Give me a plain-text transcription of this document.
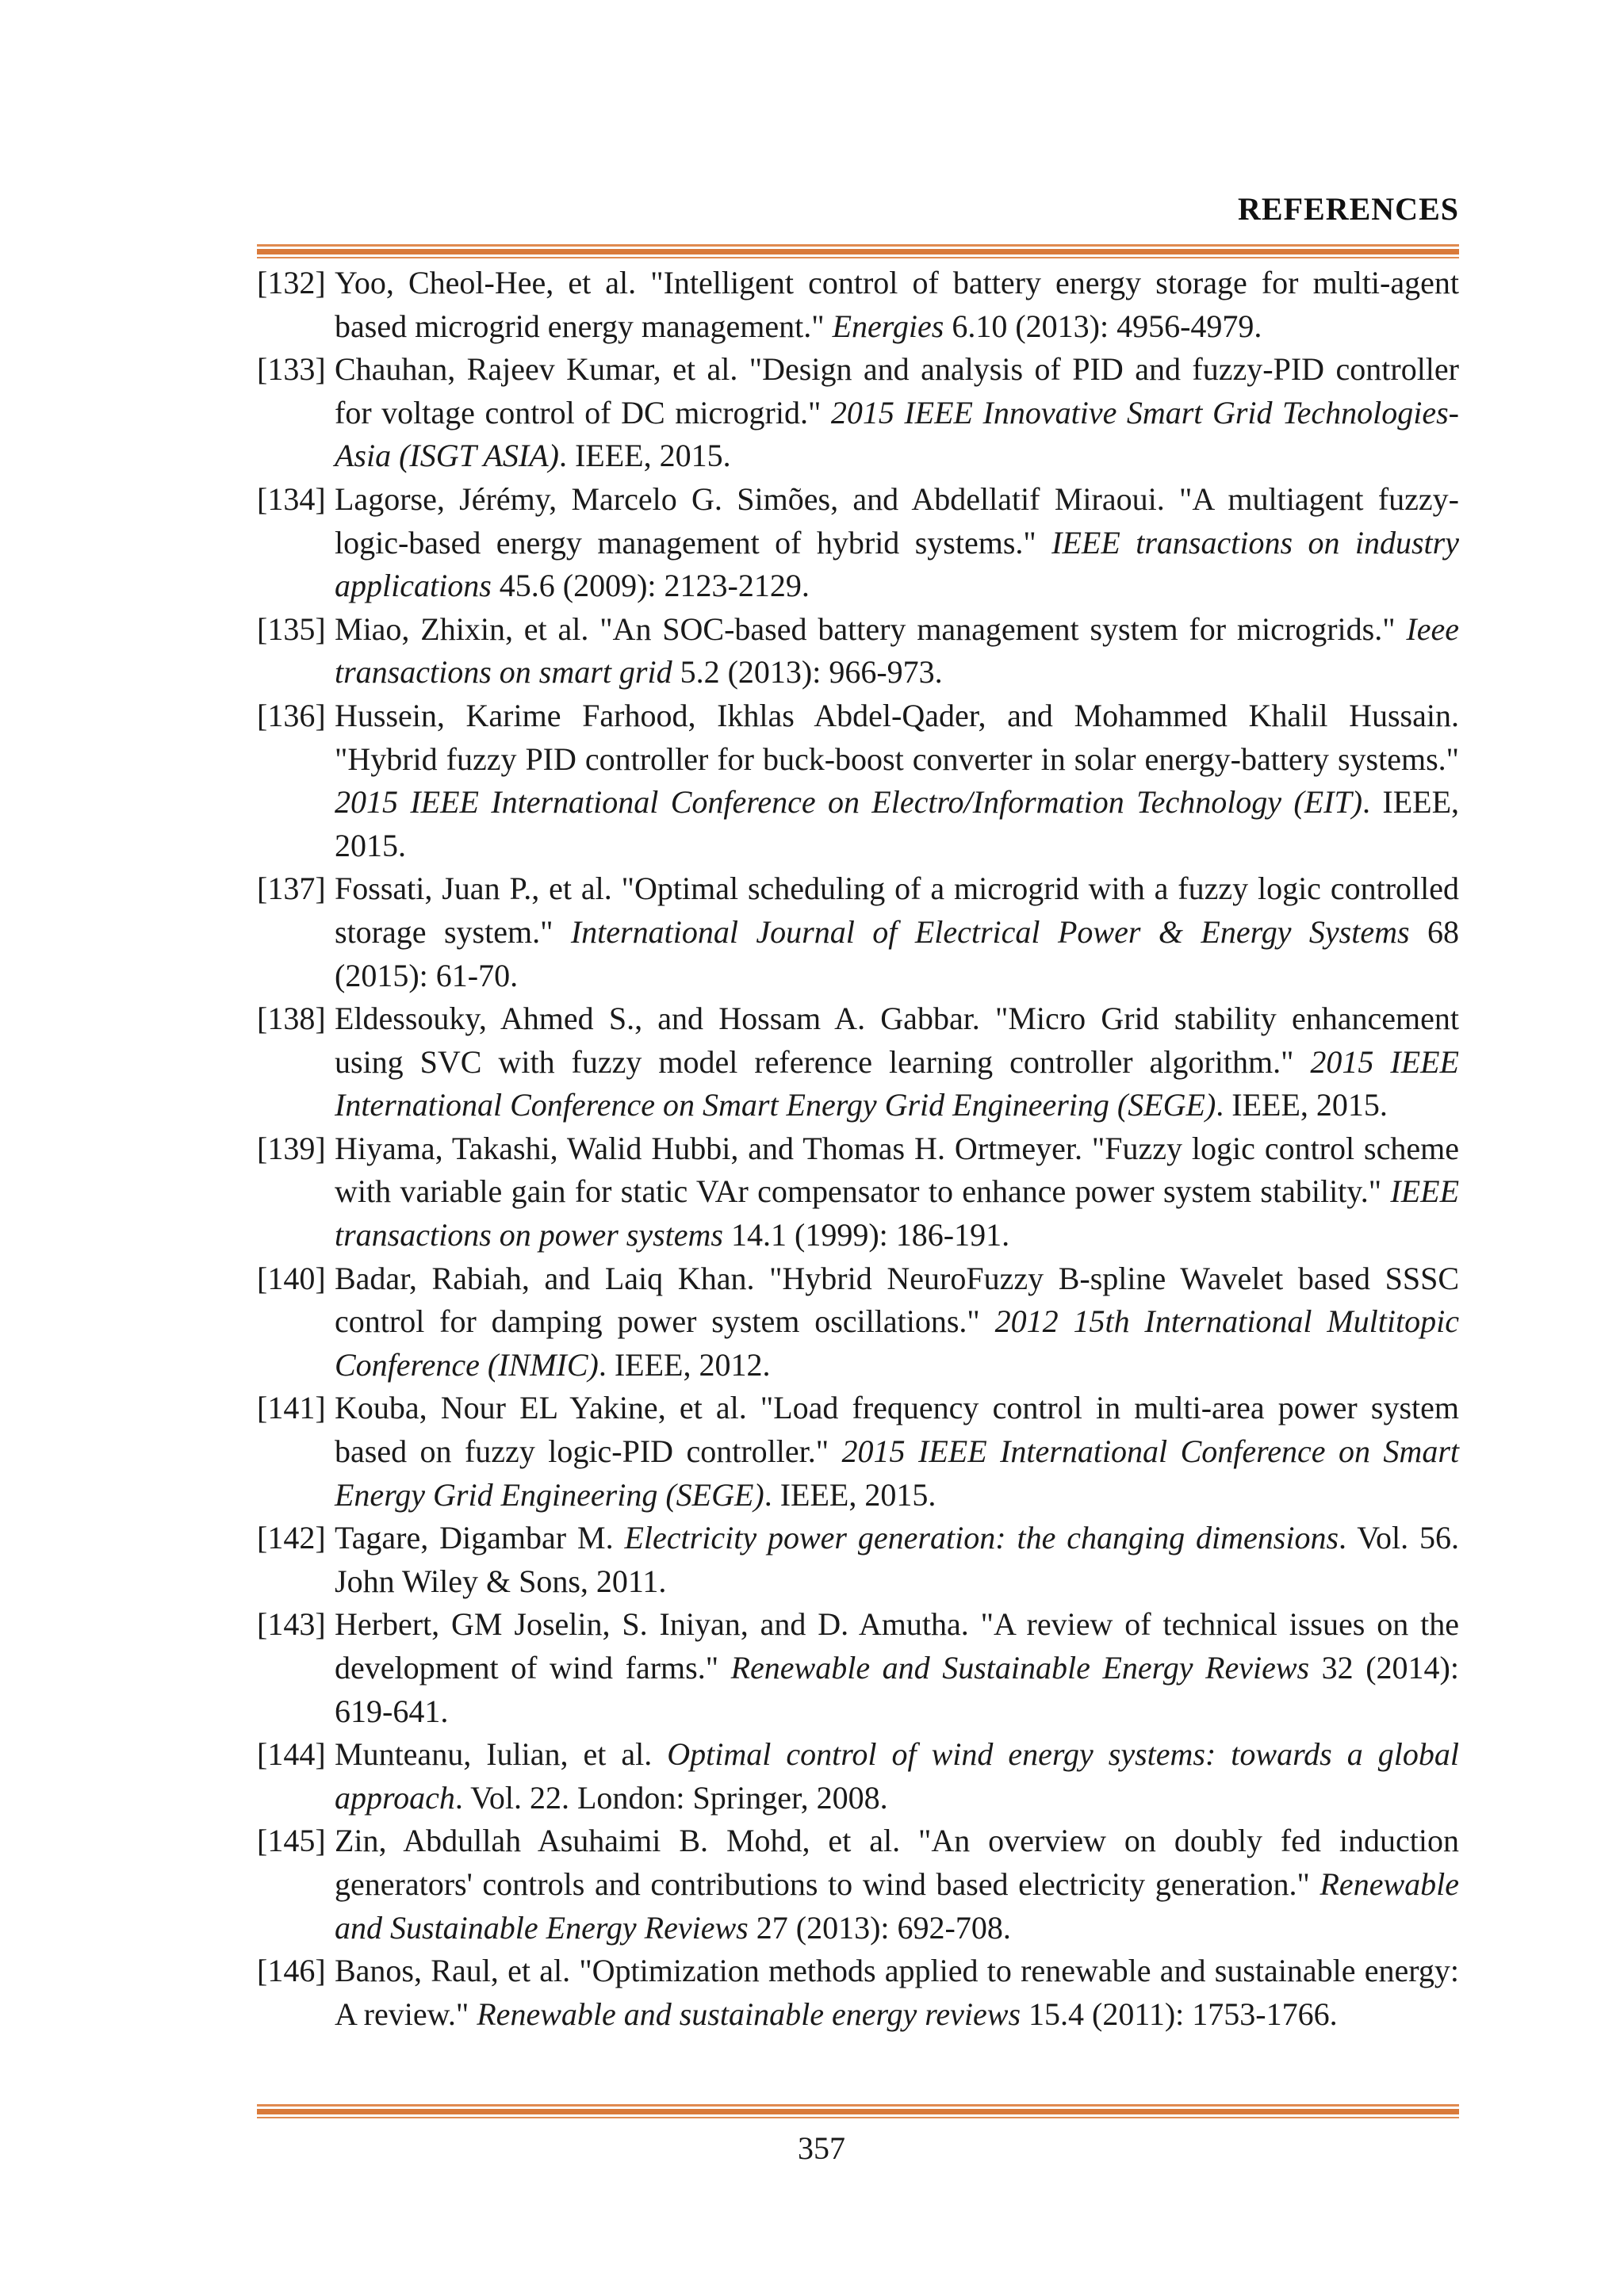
REFERENCES
[132] Yoo, Cheol-Hee, et al. "Intelligent control of battery energy storage for multi-agent based microgrid energy management." Energies 6.10 (2013): 4956-4979.
[133] Chauhan, Rajeev Kumar, et al. "Design and analysis of PID and fuzzy-PID controller for voltage control of DC microgrid." 2015 IEEE Innovative Smart Grid Technologies-Asia (ISGT ASIA). IEEE, 2015.
[134] Lagorse, Jérémy, Marcelo G. Simões, and Abdellatif Miraoui. "A multiagent fuzzy-logic-based energy management of hybrid systems." IEEE transactions on industry applications 45.6 (2009): 2123-2129.
[135] Miao, Zhixin, et al. "An SOC-based battery management system for microgrids." Ieee transactions on smart grid 5.2 (2013): 966-973.
[136] Hussein, Karime Farhood, Ikhlas Abdel-Qader, and Mohammed Khalil Hussain. "Hybrid fuzzy PID controller for buck-boost converter in solar energy-battery systems." 2015 IEEE International Conference on Electro/Information Technology (EIT). IEEE, 2015.
[137] Fossati, Juan P., et al. "Optimal scheduling of a microgrid with a fuzzy logic controlled storage system." International Journal of Electrical Power & Energy Systems 68 (2015): 61-70.
[138] Eldessouky, Ahmed S., and Hossam A. Gabbar. "Micro Grid stability enhancement using SVC with fuzzy model reference learning controller algorithm." 2015 IEEE International Conference on Smart Energy Grid Engineering (SEGE). IEEE, 2015.
[139] Hiyama, Takashi, Walid Hubbi, and Thomas H. Ortmeyer. "Fuzzy logic control scheme with variable gain for static VAr compensator to enhance power system stability." IEEE transactions on power systems 14.1 (1999): 186-191.
[140] Badar, Rabiah, and Laiq Khan. "Hybrid NeuroFuzzy B-spline Wavelet based SSSC control for damping power system oscillations." 2012 15th International Multitopic Conference (INMIC). IEEE, 2012.
[141] Kouba, Nour EL Yakine, et al. "Load frequency control in multi-area power system based on fuzzy logic-PID controller." 2015 IEEE International Conference on Smart Energy Grid Engineering (SEGE). IEEE, 2015.
[142] Tagare, Digambar M. Electricity power generation: the changing dimensions. Vol. 56. John Wiley & Sons, 2011.
[143] Herbert, GM Joselin, S. Iniyan, and D. Amutha. "A review of technical issues on the development of wind farms." Renewable and Sustainable Energy Reviews 32 (2014): 619-641.
[144] Munteanu, Iulian, et al. Optimal control of wind energy systems: towards a global approach. Vol. 22. London: Springer, 2008.
[145] Zin, Abdullah Asuhaimi B. Mohd, et al. "An overview on doubly fed induction generators' controls and contributions to wind based electricity generation." Renewable and Sustainable Energy Reviews 27 (2013): 692-708.
[146] Banos, Raul, et al. "Optimization methods applied to renewable and sustainable energy: A review." Renewable and sustainable energy reviews 15.4 (2011): 1753-1766.
357
